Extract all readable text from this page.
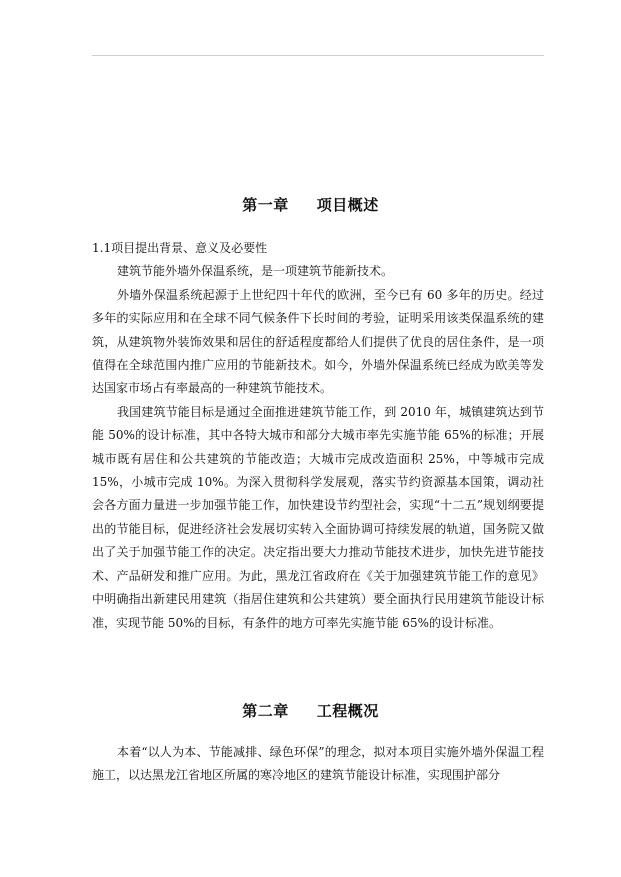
第一章 项目概述

1.1项目提出背景、意义及必要性

建筑节能外墙外保温系统，是一项建筑节能新技术。

外墙外保温系统起源于上世纪四十年代的欧洲，至今已有 60 多年的历史。经过多年的实际应用和在全球不同气候条件下长时间的考验，证明采用该类保温系统的建筑，从建筑物外装饰效果和居住的舒适程度都给人们提供了优良的居住条件，是一项值得在全球范围内推广应用的节能新技术。如今，外墙外保温系统已经成为欧美等发达国家市场占有率最高的一种建筑节能技术。

我国建筑节能目标是通过全面推进建筑节能工作，到 2010 年，城镇建筑达到节能 50%的设计标准，其中各特大城市和部分大城市率先实施节能 65%的标准；开展城市既有居住和公共建筑的节能改造；大城市完成改造面积 25%，中等城市完成15%，小城市完成 10%。为深入贯彻科学发展观，落实节约资源基本国策，调动社会各方面力量进一步加强节能工作，加快建设节约型社会，实现“十二五”规划纲要提出的节能目标，促进经济社会发展切实转入全面协调可持续发展的轨道，国务院又做出了关于加强节能工作的决定。决定指出要大力推动节能技术进步，加快先进节能技术、产品研发和推广应用。为此，黑龙江省政府在《关于加强建筑节能工作的意见》中明确指出新建民用建筑（指居住建筑和公共建筑）要全面执行民用建筑节能设计标准，实现节能 50%的目标，有条件的地方可率先实施节能 65%的设计标准。

第二章 工程概况

本着“以人为本、节能减排、绿色环保”的理念，拟对本项目实施外墙外保温工程施工，以达黑龙江省地区所属的寒冷地区的建筑节能设计标准，实现围护部分
